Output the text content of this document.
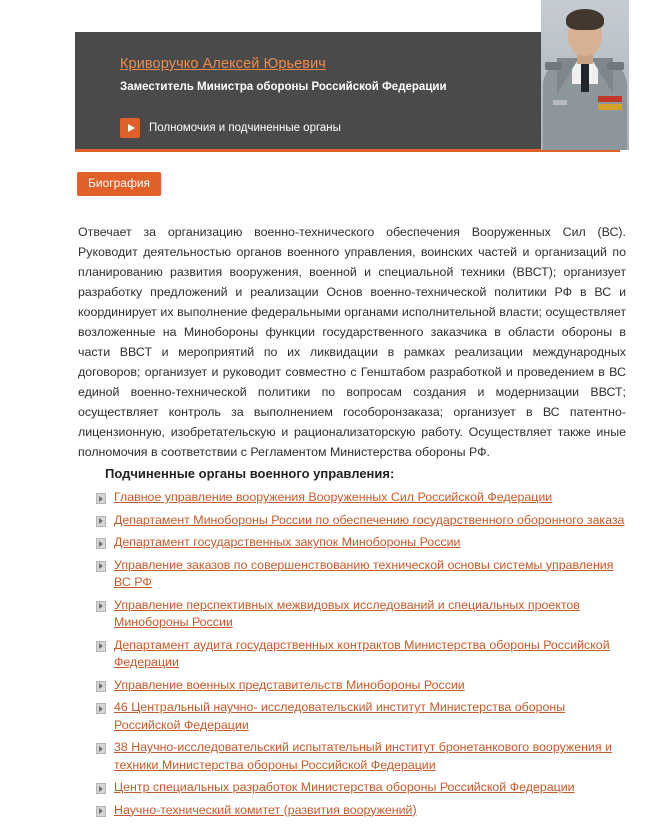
Криворучко Алексей Юрьевич
Заместитель Министра обороны Российской Федерации
Полномочия и подчиненные органы
Биография
Отвечает за организацию военно-технического обеспечения Вооруженных Сил (ВС). Руководит деятельностью органов военного управления, воинских частей и организаций по планированию развития вооружения, военной и специальной техники (ВВСТ); организует разработку предложений и реализации Основ военно-технической политики РФ в ВС и координирует их выполнение федеральными органами исполнительной власти; осуществляет возложенные на Минобороны функции государственного заказчика в области обороны в части ВВСТ и мероприятий по их ликвидации в рамках реализации международных договоров; организует и руководит совместно с Генштабом разработкой и проведением в ВС единой военно-технической политики по вопросам создания и модернизации ВВСТ; осуществляет контроль за выполнением гособоронзаказа; организует в ВС патентно-лицензионную, изобретательскую и рационализаторскую работу. Осуществляет также иные полномочия в соответствии с Регламентом Министерства обороны РФ.
Подчиненные органы военного управления:
Главное управление вооружения Вооруженных Сил Российской Федерации
Департамент Минобороны России по обеспечению государственного оборонного заказа
Департамент государственных закупок Минобороны России
Управление заказов по совершенствованию технической основы системы управления ВС РФ
Управление перспективных межвидовых исследований и специальных проектов Минобороны России
Департамент аудита государственных контрактов Министерства обороны Российской Федерации
Управление военных представительств Минобороны России
46 Центральный научно- исследовательский институт Министерства обороны Российской Федерации
38 Научно-исследовательский испытательный институт бронетанкового вооружения и техники Министерства обороны Российской Федерации
Центр специальных разработок Министерства обороны Российской Федерации
Научно-технический комитет (развития вооружений)
